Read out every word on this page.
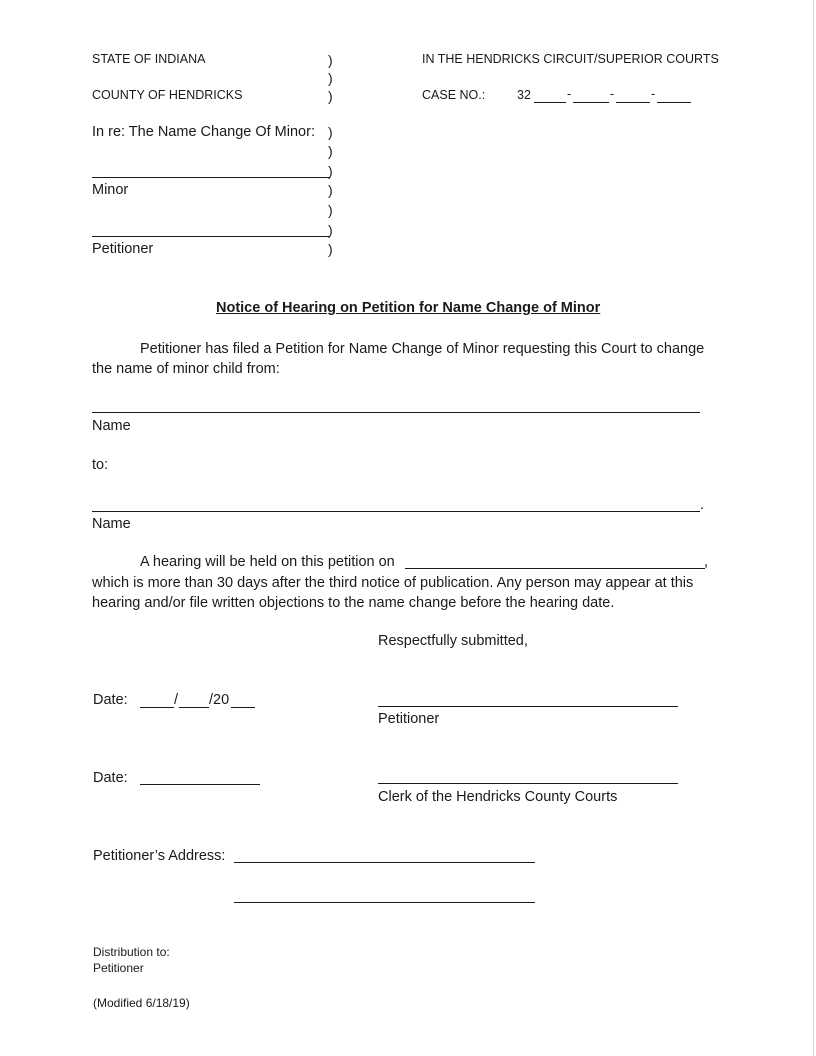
STATE OF INDIANA
COUNTY OF HENDRICKS
In re: The Name Change Of Minor:
Minor
Petitioner
)
)
)
)
)
)
)
)
)
)
IN THE HENDRICKS CIRCUIT/SUPERIOR COURTS
CASE NO.:	32	-	-	-
Notice of Hearing on Petition for Name Change of Minor
Petitioner has filed a Petition for Name Change of Minor requesting this Court to change the name of minor child from:
Name
to:
.
Name
A hearing will be held on this petition on	,
which is more than 30 days after the third notice of publication. Any person may appear at this hearing and/or file written objections to the name change before the hearing date.
Respectfully submitted,
Date:	/ /20
Petitioner
Date:
Clerk of the Hendricks County Courts
Petitioner’s Address:
Distribution to:
Petitioner
(Modified 6/18/19)
